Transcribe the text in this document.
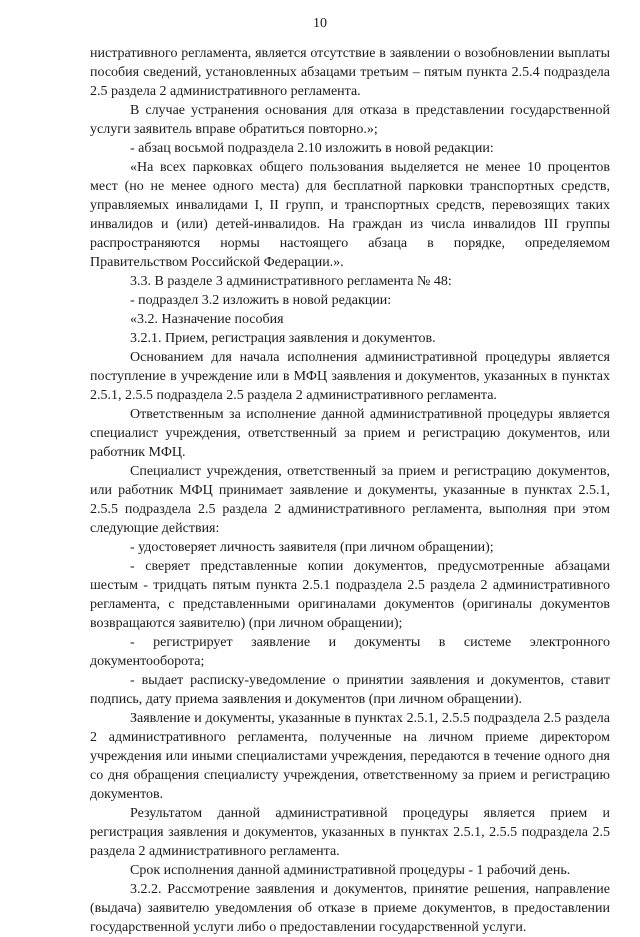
10

нистративного регламента, является отсутствие в заявлении о возобновлении выплаты пособия сведений, установленных абзацами третьим – пятым пункта 2.5.4 подраздела 2.5 раздела 2 административного регламента.

В случае устранения основания для отказа в представлении государственной услуги заявитель вправе обратиться повторно.»;

- абзац восьмой подраздела 2.10 изложить в новой редакции:

«На всех парковках общего пользования выделяется не менее 10 процентов мест (но не менее одного места) для бесплатной парковки транспортных средств, управляемых инвалидами I, II групп, и транспортных средств, перевозящих таких инвалидов и (или) детей-инвалидов. На граждан из числа инвалидов III группы распространяются нормы настоящего абзаца в порядке, определяемом Правительством Российской Федерации.».

3.3. В разделе 3 административного регламента № 48:

- подраздел 3.2 изложить в новой редакции:

«3.2. Назначение пособия

3.2.1. Прием, регистрация заявления и документов.

Основанием для начала исполнения административной процедуры является поступление в учреждение или в МФЦ заявления и документов, указанных в пунктах 2.5.1, 2.5.5 подраздела 2.5 раздела 2 административного регламента.

Ответственным за исполнение данной административной процедуры является специалист учреждения, ответственный за прием и регистрацию документов, или работник МФЦ.

Специалист учреждения, ответственный за прием и регистрацию документов, или работник МФЦ принимает заявление и документы, указанные в пунктах 2.5.1, 2.5.5 подраздела 2.5 раздела 2 административного регламента, выполняя при этом следующие действия:

- удостоверяет личность заявителя (при личном обращении);

- сверяет представленные копии документов, предусмотренные абзацами шестым - тридцать пятым пункта 2.5.1 подраздела 2.5 раздела 2 административного регламента, с представленными оригиналами документов (оригиналы документов возвращаются заявителю) (при личном обращении);

- регистрирует заявление и документы в системе электронного документооборота;

- выдает расписку-уведомление о принятии заявления и документов, ставит подпись, дату приема заявления и документов (при личном обращении).

Заявление и документы, указанные в пунктах 2.5.1, 2.5.5 подраздела 2.5 раздела 2 административного регламента, полученные на личном приеме директором учреждения или иными специалистами учреждения, передаются в течение одного дня со дня обращения специалисту учреждения, ответственному за прием и регистрацию документов.

Результатом данной административной процедуры является прием и регистрация заявления и документов, указанных в пунктах 2.5.1, 2.5.5 подраздела 2.5 раздела 2 административного регламента.

Срок исполнения данной административной процедуры - 1 рабочий день.

3.2.2. Рассмотрение заявления и документов, принятие решения, направление (выдача) заявителю уведомления об отказе в приеме документов, в предоставлении государственной услуги либо о предоставлении государственной услуги.
